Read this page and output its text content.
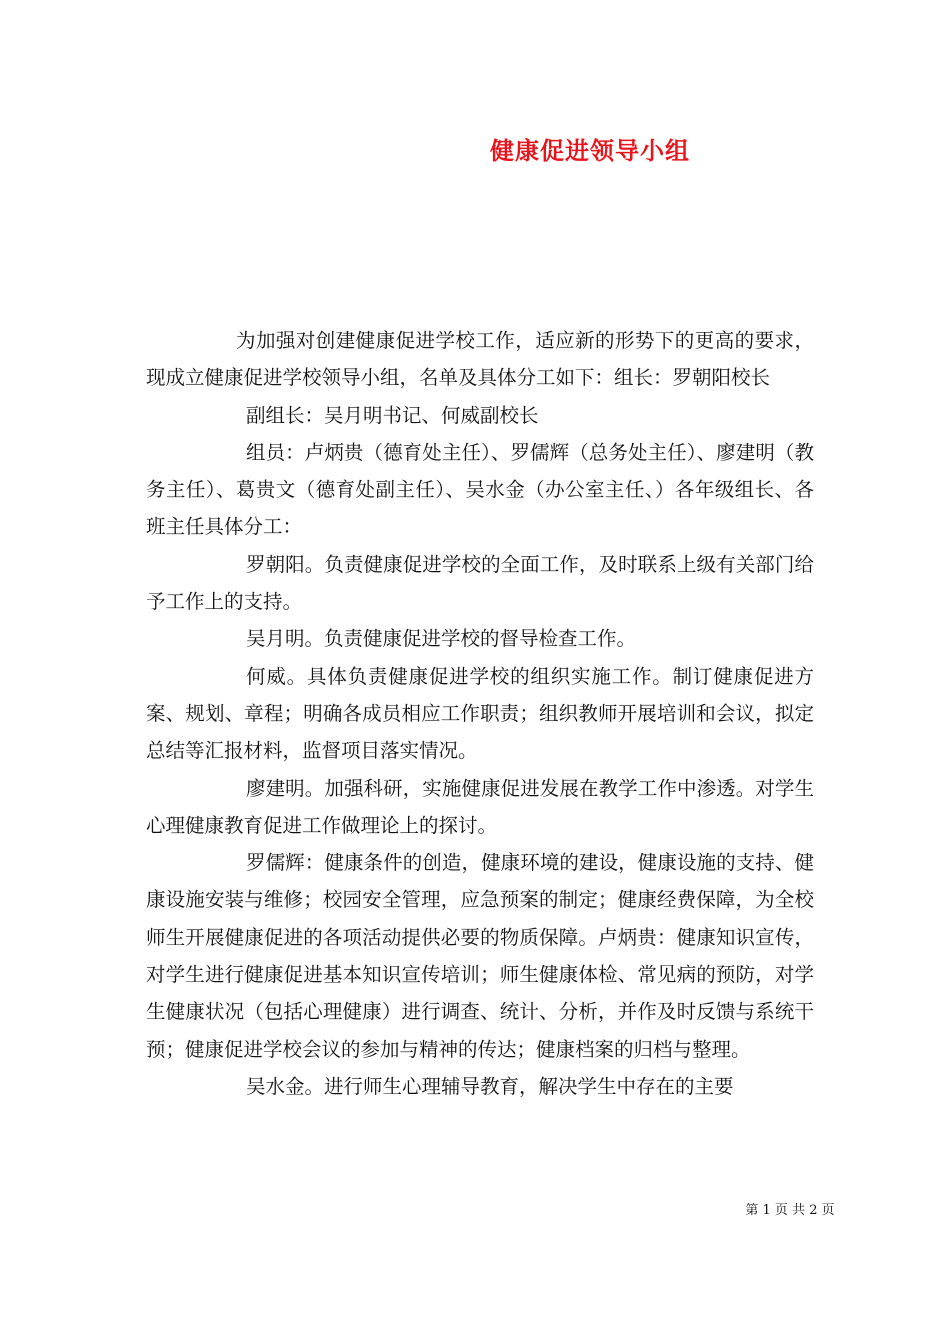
健康促进领导小组

为加强对创建健康促进学校工作，适应新的形势下的更高的要求，现成立健康促进学校领导小组，名单及具体分工如下：组长：罗朝阳校长

副组长：吴月明书记、何威副校长

组员：卢炳贵（德育处主任）、罗儒辉（总务处主任）、廖建明（教务主任）、葛贵文（德育处副主任）、吴水金（办公室主任、）各年级组长、各班主任具体分工：

罗朝阳。负责健康促进学校的全面工作，及时联系上级有关部门给予工作上的支持。

吴月明。负责健康促进学校的督导检查工作。

何威。具体负责健康促进学校的组织实施工作。制订健康促进方案、规划、章程；明确各成员相应工作职责；组织教师开展培训和会议，拟定总结等汇报材料，监督项目落实情况。

廖建明。加强科研，实施健康促进发展在教学工作中渗透。对学生心理健康教育促进工作做理论上的探讨。

罗儒辉：健康条件的创造，健康环境的建设，健康设施的支持、健康设施安装与维修；校园安全管理，应急预案的制定；健康经费保障，为全校师生开展健康促进的各项活动提供必要的物质保障。卢炳贵：健康知识宣传，对学生进行健康促进基本知识宣传培训；师生健康体检、常见病的预防，对学生健康状况（包括心理健康）进行调查、统计、分析，并作及时反馈与系统干预；健康促进学校会议的参加与精神的传达；健康档案的归档与整理。

吴水金。进行师生心理辅导教育，解决学生中存在的主要

第 1 页 共 2 页
